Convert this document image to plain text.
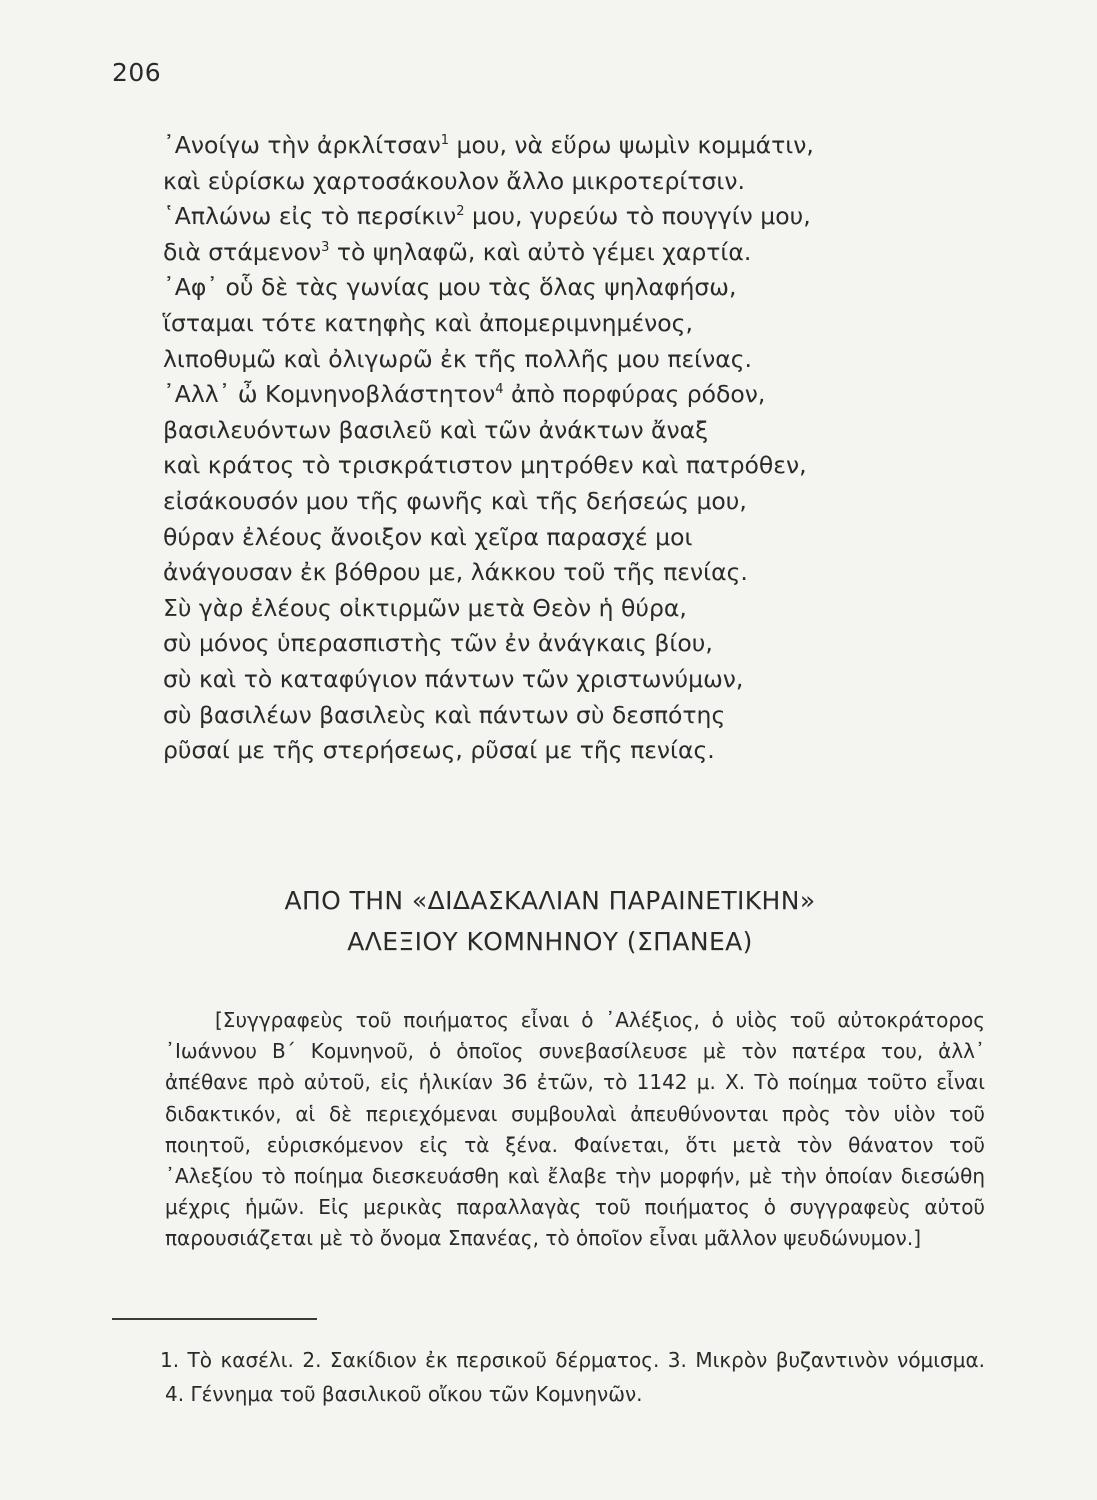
206
᾿Ανοίγω τὴν ἀρκλίτσαν$^1$ μου, νὰ εὕρω ψωμὶν κομμάτιν,
καὶ εὑρίσκω χαρτοσάκουλον ἄλλο μικροτερίτσιν.
῾Απλώνω εἰς τὸ περσίκιν$^2$ μου, γυρεύω τὸ πουγγίν μου,
διὰ στάμενον$^3$ τὸ ψηλαφῶ, καὶ αὐτὸ γέμει χαρτία.
᾿Αφ᾿ οὗ δὲ τὰς γωνίας μου τὰς ὅλας ψηλαφήσω,
ἵσταμαι τότε κατηφὴς καὶ ἀπομεριμνημένος,
λιποθυμῶ καὶ ὀλιγωρῶ ἐκ τῆς πολλῆς μου πείνας.
᾿Αλλ᾿ ὦ Κομνηνοβλάστητον$^4$ ἀπὸ πορφύρας ρόδον,
βασιλευόντων βασιλεῦ καὶ τῶν ἀνάκτων ἄναξ
καὶ κράτος τὸ τρισκράτιστον μητρόθεν καὶ πατρόθεν,
εἰσάκουσόν μου τῆς φωνῆς καὶ τῆς δεήσεώς μου,
θύραν ἐλέους ἄνοιξον καὶ χεῖρα παρασχέ μοι
ἀνάγουσαν ἐκ βόθρου με, λάκκου τοῦ τῆς πενίας.
Σὺ γὰρ ἐλέους οἰκτιρμῶν μετὰ Θεὸν ἡ θύρα,
σὺ μόνος ὑπερασπιστὴς τῶν ἐν ἀνάγκαις βίου,
σὺ καὶ τὸ καταφύγιον πάντων τῶν χριστωνύμων,
σὺ βασιλέων βασιλεὺς καὶ πάντων σὺ δεσπότης
ρῦσαί με τῆς στερήσεως, ρῦσαί με τῆς πενίας.
ΑΠΟ ΤΗΝ «ΔΙΔΑΣΚΑΛΙΑΝ ΠΑΡΑΙΝΕΤΙΚΗΝ»
ΑΛΕΞΙΟΥ ΚΟΜΝΗΝΟΥ (ΣΠΑΝΕΑ)
[Συγγραφεὺς τοῦ ποιήματος εἶναι ὁ ᾿Αλέξιος, ὁ υἱὸς τοῦ αὐτοκράτορος ᾿Ιωάννου Β΄ Κομνηνοῦ, ὁ ὁποῖος συνεβασίλευσε μὲ τὸν πατέρα του, ἀλλ᾿ ἀπέθανε πρὸ αὐτοῦ, εἰς ἡλικίαν 36 ἐτῶν, τὸ 1142 μ. Χ. Τὸ ποίημα τοῦτο εἶναι διδακτικόν, αἱ δὲ περιεχόμεναι συμβουλαὶ ἀπευθύνονται πρὸς τὸν υἱὸν τοῦ ποιητοῦ, εὑρισκόμενον εἰς τὰ ξένα. Φαίνεται, ὅτι μετὰ τὸν θάνατον τοῦ ᾿Αλεξίου τὸ ποίημα διεσκευάσθη καὶ ἔλαβε τὴν μορφήν, μὲ τὴν ὁποίαν διεσώθη μέχρις ἡμῶν. Εἰς μερικὰς παραλλαγὰς τοῦ ποιήματος ὁ συγγραφεὺς αὐτοῦ παρουσιάζεται μὲ τὸ ὄνομα Σπανέας, τὸ ὁποῖον εἶναι μᾶλλον ψευδώνυμον.]
1. Τὸ κασέλι. 2. Σακίδιον ἐκ περσικοῦ δέρματος. 3. Μικρὸν βυζαντινὸν νόμισμα. 4. Γέννημα τοῦ βασιλικοῦ οἴκου τῶν Κομνηνῶν.
